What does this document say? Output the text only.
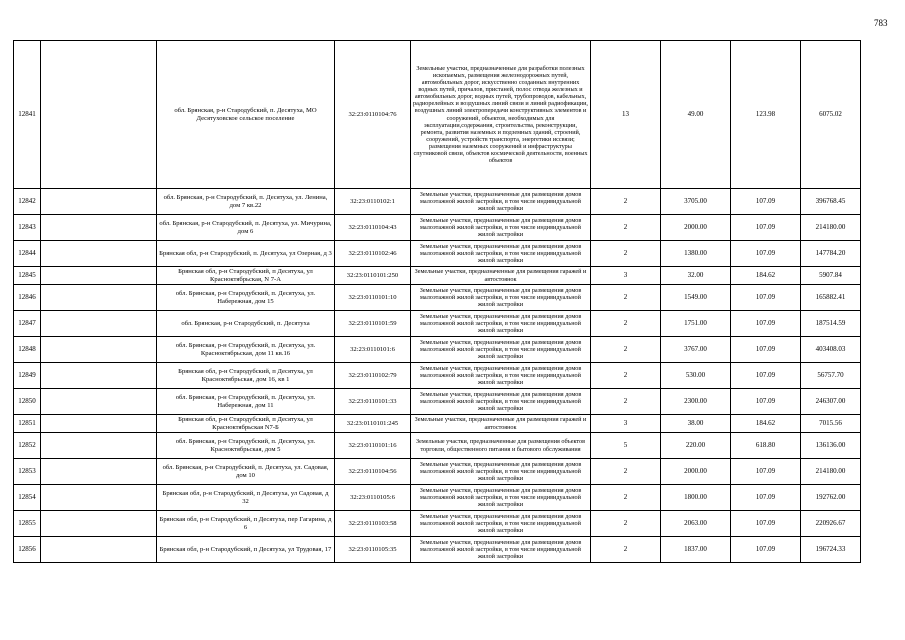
783
12841		обл. Брянская, р-н Стародубский, п. Десятуха, МО Десятуховское сельское поселение	32:23:0110104:76	Земельные участки, предназначенные для разработки полезных ископаемых, размещения железнодорожных путей, автомобильных дорог, искусственно созданных внутренних водных путей, причалов, пристаней, полос отвода железных и автомобильных дорог, водных путей, трубопроводов, кабельных, радиорелейных и воздушных линий связи и линий радиофикации, воздушных линий электропередачи конструктивных элементов и сооружений, объектов, необходимых для эксплуатации,содержания, строительства, реконструкции, ремонта, развития наземных и подземных зданий, строений, сооружений, устройств транспорта, энергетики иссвязи; размещения наземных сооружений и инфраструктуры спутниковой связи, объектов космической деятельности, военных объектов	13	49.00	123.98	6075.02
12842		обл. Брянская, р-н Стародубский, п. Десятуха, ул. Ленина, дом 7 кв.22	32:23:0110102:1	Земельные участки, предназначенные для размещения домов малоэтажной жилой застройки, в том числе индивидуальной жилой застройки	2	3705.00	107.09	396768.45
12843		обл. Брянская, р-н Стародубский, п. Десятуха, ул. Мичурина, дом 6	32:23:0110104:43	Земельные участки, предназначенные для размещения домов малоэтажной жилой застройки, в том числе индивидуальной жилой застройки	2	2000.00	107.09	214180.00
12844		Брянская обл, р-н Стародубский, п. Десятуха, ул Озерная, д 3	32:23:0110102:46	Земельные участки, предназначенные для размещения домов малоэтажной жилой застройки, в том числе индивидуальной жилой застройки	2	1380.00	107.09	147784.20
12845		Брянская обл, р-н Стародубский, п Десятуха, ул Красноктябрьская, N 7-А	32:23:0110101:250	Земельные участки, предназначенные для размещения гаражей и автостоянок	3	32.00	184.62	5907.84
12846		обл. Брянская, р-н Стародубский, п. Десятуха, ул. Набережная, дом 15	32:23:0110101:10	Земельные участки, предназначенные для размещения домов малоэтажной жилой застройки, в том числе индивидуальной жилой застройки	2	1549.00	107.09	165882.41
12847		обл. Брянская, р-н Стародубский, п. Десятуха	32:23:0110101:59	Земельные участки, предназначенные для размещения домов малоэтажной жилой застройки, в том числе индивидуальной жилой застройки	2	1751.00	107.09	187514.59
12848		обл. Брянская, р-н Стародубский, п. Десятуха, ул. Красноктябрьская, дом 11 кв.16	32:23:0110101:6	Земельные участки, предназначенные для размещения домов малоэтажной жилой застройки, в том числе индивидуальной жилой застройки	2	3767.00	107.09	403408.03
12849		Брянская обл, р-н Стародубский, п Десятуха, ул Красноктябрьская, дом 16, кв 1	32:23:0110102:79	Земельные участки, предназначенные для размещения домов малоэтажной жилой застройки, в том числе индивидуальной жилой застройки	2	530.00	107.09	56757.70
12850		обл. Брянская, р-н Стародубский, п. Десятуха, ул. Набережная, дом 11	32:23:0110101:33	Земельные участки, предназначенные для размещения домов малоэтажной жилой застройки, в том числе индивидуальной жилой застройки	2	2300.00	107.09	246307.00
12851		Брянская обл, р-н Стародубский, п Десятуха, ул Красноктябрьская N7-Б	32:23:0110101:245	Земельные участки, предназначенные для размещения гаражей и автостоянок	3	38.00	184.62	7015.56
12852		обл. Брянская, р-н Стародубский, п. Десятуха, ул. Красноктябрьская, дом 5	32:23:0110101:16	Земельные участки, предназначенные для размещения объектов торговли, общественного питания и бытового обслуживания	5	220.00	618.80	136136.00
12853		обл. Брянская, р-н Стародубский, п. Десятуха, ул. Садовая, дом 10	32:23:0110104:56	Земельные участки, предназначенные для размещения домов малоэтажной жилой застройки, в том числе индивидуальной жилой застройки	2	2000.00	107.09	214180.00
12854		Брянская обл, р-н Стародубский, п Десятуха, ул Садовая, д 32	32:23:0110105:6	Земельные участки, предназначенные для размещения домов малоэтажной жилой застройки, в том числе индивидуальной жилой застройки	2	1800.00	107.09	192762.00
12855		Брянская обл, р-н Стародубский, п Десятуха, пер Гагарина, д 6	32:23:0110103:58	Земельные участки, предназначенные для размещения домов малоэтажной жилой застройки, в том числе индивидуальной жилой застройки	2	2063.00	107.09	220926.67
12856		Брянская обл, р-н Стародубский, п Десятуха, ул Трудовая, 17	32:23:0110105:35	Земельные участки, предназначенные для размещения домов малоэтажной жилой застройки, в том числе индивидуальной жилой застройки	2	1837.00	107.09	196724.33
